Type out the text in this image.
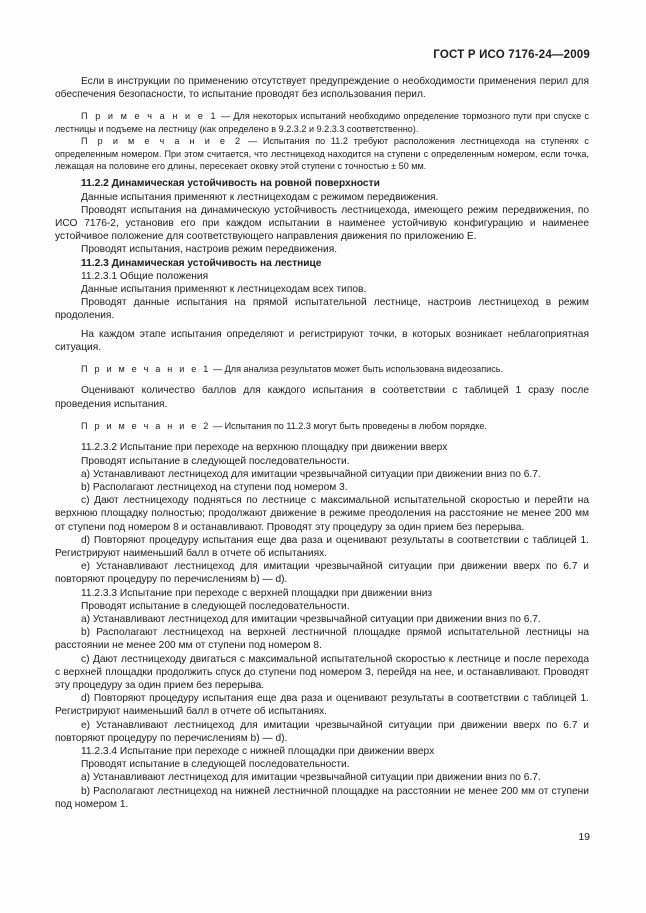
ГОСТ Р ИСО 7176-24—2009

Если в инструкции по применению отсутствует предупреждение о необходимости применения перил для обеспечения безопасности, то испытание проводят без использования перил.

П р и м е ч а н и е 1 — Для некоторых испытаний необходимо определение тормозного пути при спуске с лестницы и подъеме на лестницу (как определено в 9.2.3.2 и 9.2.3.3 соответственно).

П р и м е ч а н и е 2 — Испытания по 11.2 требуют расположения лестницехода на ступенях с определенным номером. При этом считается, что лестницеход находится на ступени с определенным номером, если точка, лежащая на половине его длины, пересекает оковку этой ступени с точностью ± 50 мм.

11.2.2 Динамическая устойчивость на ровной поверхности

Данные испытания применяют к лестницеходам с режимом передвижения.

Проводят испытания на динамическую устойчивость лестницехода, имеющего режим передвижения, по ИСО 7176-2, установив его при каждом испытании в наименее устойчивую конфигурацию и наименее устойчивое положение для соответствующего направления движения по приложению Е.

Проводят испытания, настроив режим передвижения.

11.2.3 Динамическая устойчивость на лестнице

11.2.3.1 Общие положения

Данные испытания применяют к лестницеходам всех типов.

Проводят данные испытания на прямой испытательной лестнице, настроив лестницеход в режим продоления.

На каждом этапе испытания определяют и регистрируют точки, в которых возникает неблагоприятная ситуация.

П р и м е ч а н и е 1 — Для анализа результатов может быть использована видеозапись.

Оценивают количество баллов для каждого испытания в соответствии с таблицей 1 сразу после проведения испытания.

П р и м е ч а н и е 2 — Испытания по 11.2.3 могут быть проведены в любом порядке.

11.2.3.2 Испытание при переходе на верхнюю площадку при движении вверх

Проводят испытание в следующей последовательности.

a) Устанавливают лестницеход для имитации чрезвычайной ситуации при движении вниз по 6.7.

b) Располагают лестницеход на ступени под номером 3.

c) Дают лестницеходу подняться по лестнице с максимальной испытательной скоростью и перейти на верхнюю площадку полностью; продолжают движение в режиме преодоления на расстояние не менее 200 мм от ступени под номером 8 и останавливают. Проводят эту процедуру за один прием без перерыва.

d) Повторяют процедуру испытания еще два раза и оценивают результаты в соответствии с таблицей 1. Регистрируют наименьший балл в отчете об испытаниях.

e) Устанавливают лестницеход для имитации чрезвычайной ситуации при движении вверх по 6.7 и повторяют процедуру по перечислениям b) — d).

11.2.3.3 Испытание при переходе с верхней площадки при движении вниз

Проводят испытание в следующей последовательности.

a) Устанавливают лестницеход для имитации чрезвычайной ситуации при движении вниз по 6.7.

b) Располагают лестницеход на верхней лестничной площадке прямой испытательной лестницы на расстоянии не менее 200 мм от ступени под номером 8.

c) Дают лестницеходу двигаться с максимальной испытательной скоростью к лестнице и после перехода с верхней площадки продолжить спуск до ступени под номером 3, перейдя на нее, и останавливают. Проводят эту процедуру за один прием без перерыва.

d) Повторяют процедуру испытания еще два раза и оценивают результаты в соответствии с таблицей 1. Регистрируют наименьший балл в отчете об испытаниях.

e) Устанавливают лестницеход для имитации чрезвычайной ситуации при движении вверх по 6.7 и повторяют процедуру по перечислениям b) — d).

11.2.3.4 Испытание при переходе с нижней площадки при движении вверх

Проводят испытание в следующей последовательности.

a) Устанавливают лестницеход для имитации чрезвычайной ситуации при движении вниз по 6.7.

b) Располагают лестницеход на нижней лестничной площадке на расстоянии не менее 200 мм от ступени под номером 1.

19
